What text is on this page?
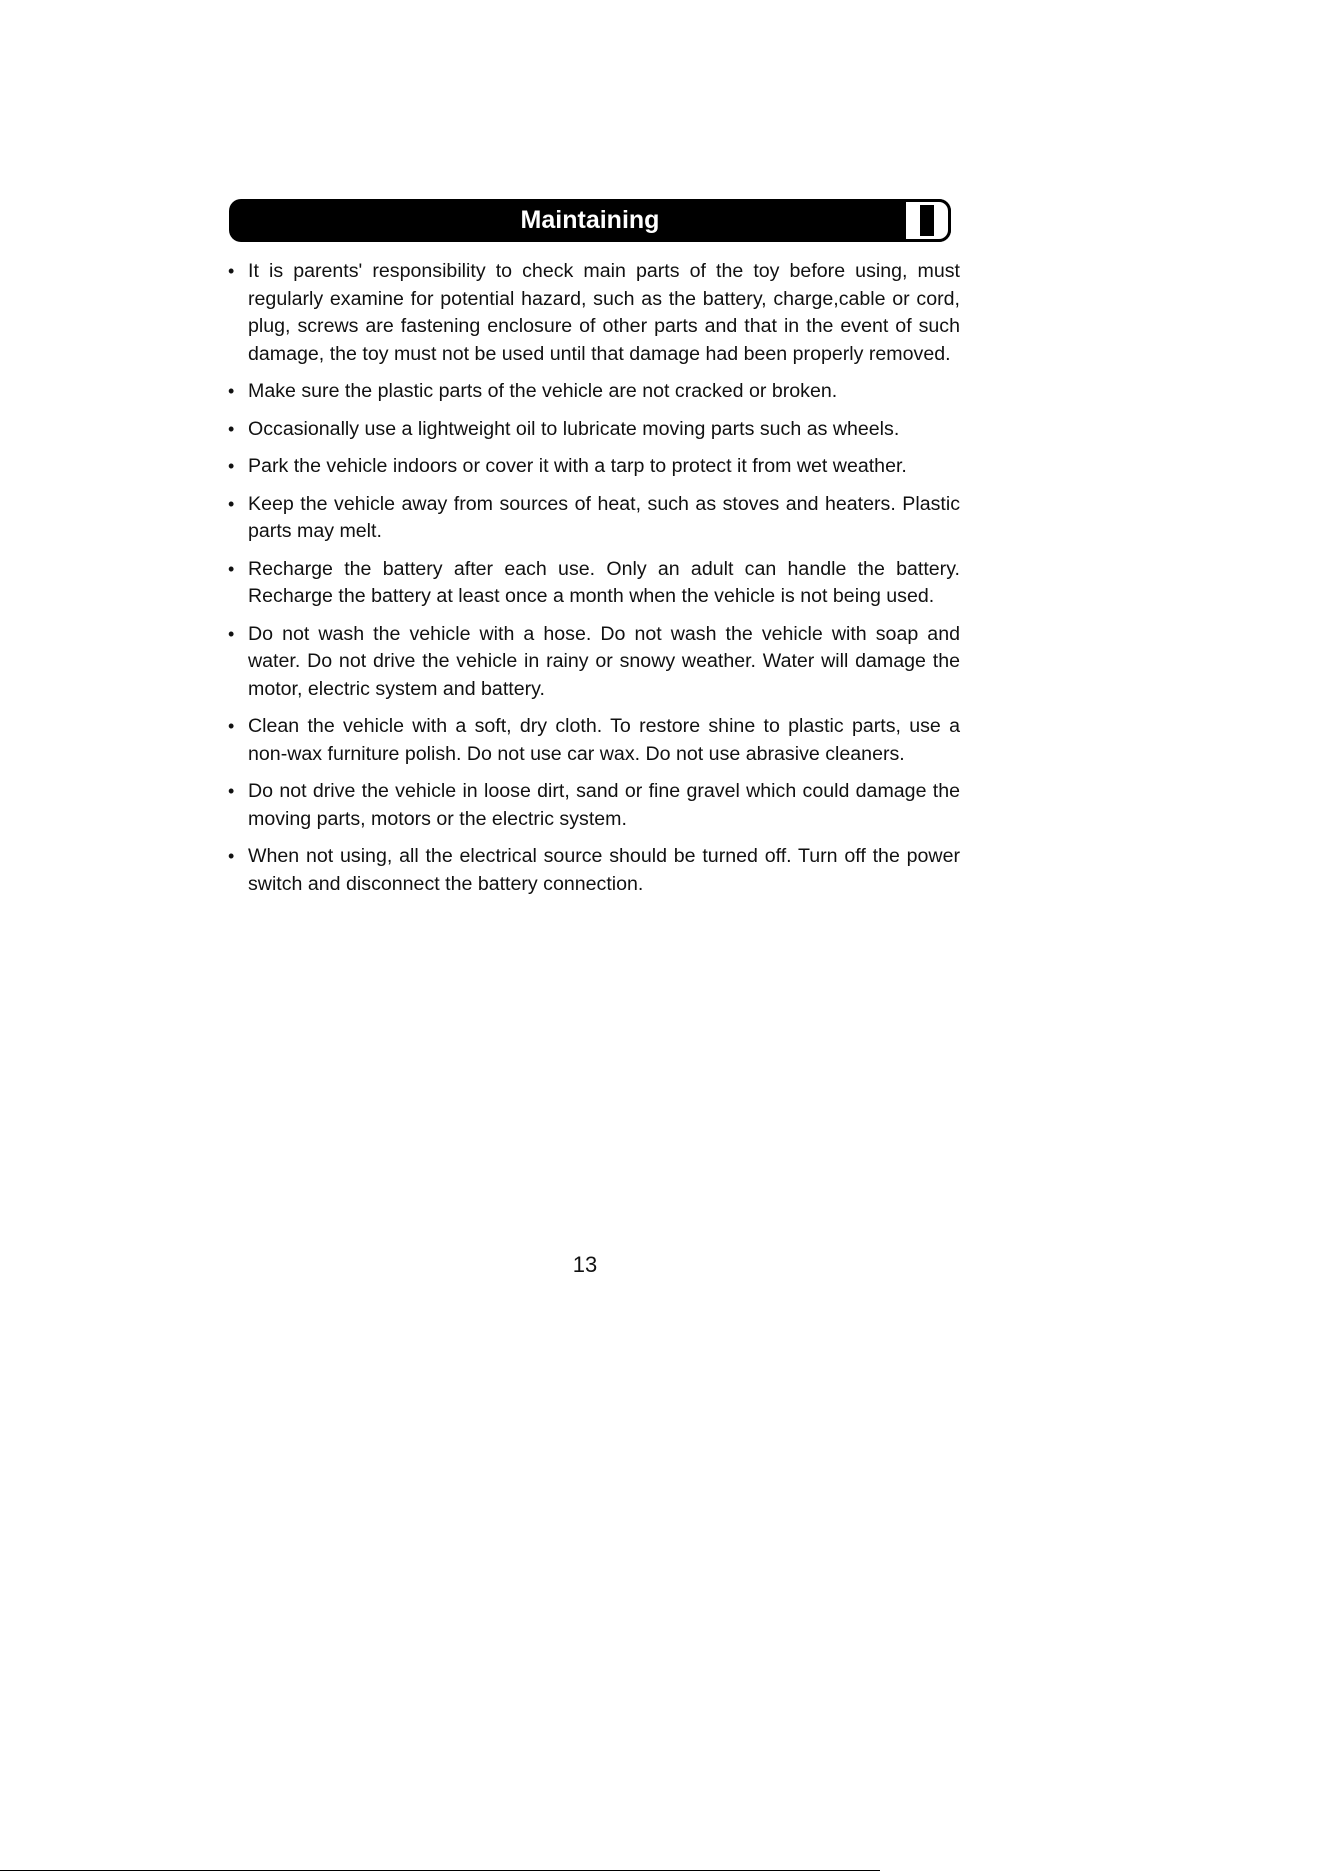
Maintaining
• It is parents' responsibility to check main parts of the toy before using, must regularly examine for potential hazard, such as the battery, charge,cable or cord, plug, screws are fastening enclosure of other parts and that in the event of such damage, the toy must not be used until that damage had been properly removed.
• Make sure the plastic parts of the vehicle are not cracked or broken.
• Occasionally use a lightweight oil to lubricate moving parts such as wheels.
• Park the vehicle indoors or cover it with a tarp to protect it from wet weather.
• Keep the vehicle away from sources of heat, such as stoves and heaters. Plastic parts may melt.
• Recharge the battery after each use. Only an adult can handle the battery. Recharge the battery at least once a month when the vehicle is not being used.
• Do not wash the vehicle with a hose. Do not wash the vehicle with soap and water. Do not drive the vehicle in rainy or snowy weather. Water will damage the motor, electric system and battery.
• Clean the vehicle with a soft, dry cloth. To restore shine to plastic parts, use a non-wax furniture polish. Do not use car wax. Do not use abrasive cleaners.
• Do not drive the vehicle in loose dirt, sand or fine gravel which could damage the moving parts, motors or the electric system.
• When not using, all the electrical source should be turned off. Turn off the power switch and disconnect the battery connection.
13
